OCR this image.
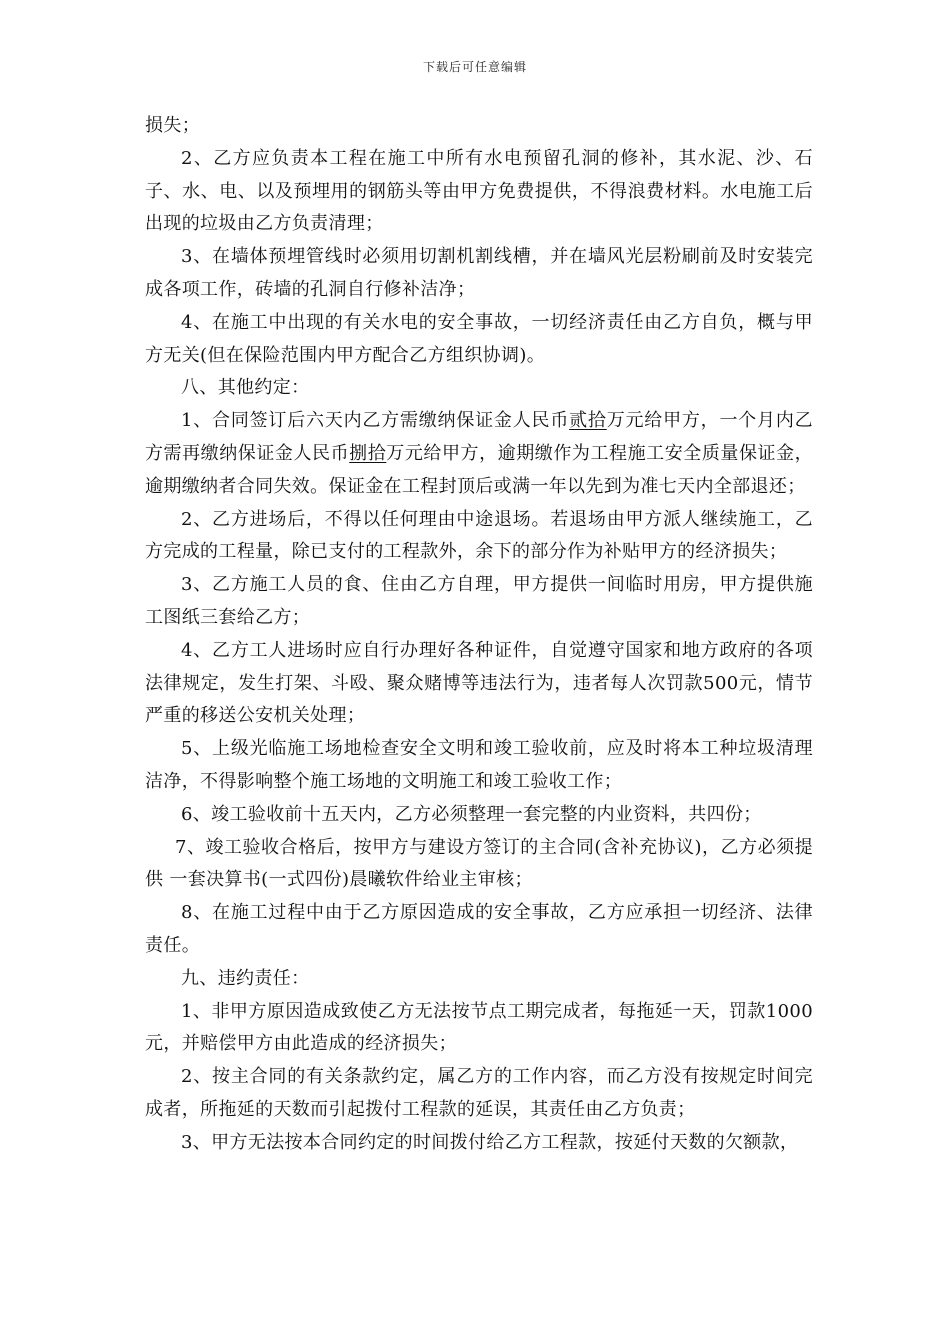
下载后可任意编辑

损失；

2、乙方应负责本工程在施工中所有水电预留孔洞的修补，其水泥、沙、石子、水、电、以及预埋用的钢筋头等由甲方免费提供，不得浪费材料。水电施工后出现的垃圾由乙方负责清理；

3、在墙体预埋管线时必须用切割机割线槽，并在墙风光层粉刷前及时安装完成各项工作，砖墙的孔洞自行修补洁净；

4、在施工中出现的有关水电的安全事故，一切经济责任由乙方自负，概与甲方无关(但在保险范围内甲方配合乙方组织协调)。

八、其他约定：

1、合同签订后六天内乙方需缴纳保证金人民币贰拾万元给甲方，一个月内乙方需再缴纳保证金人民币捌拾万元给甲方，逾期缴作为工程施工安全质量保证金，逾期缴纳者合同失效。保证金在工程封顶后或满一年以先到为准七天内全部退还；

2、乙方进场后，不得以任何理由中途退场。若退场由甲方派人继续施工，乙方完成的工程量，除已支付的工程款外，余下的部分作为补贴甲方的经济损失；

3、乙方施工人员的食、住由乙方自理，甲方提供一间临时用房，甲方提供施工图纸三套给乙方；

4、乙方工人进场时应自行办理好各种证件，自觉遵守国家和地方政府的各项法律规定，发生打架、斗殴、聚众赌博等违法行为，违者每人次罚款500元，情节严重的移送公安机关处理；

5、上级光临施工场地检查安全文明和竣工验收前，应及时将本工种垃圾清理洁净，不得影响整个施工场地的文明施工和竣工验收工作；

6、竣工验收前十五天内，乙方必须整理一套完整的内业资料，共四份；

7、竣工验收合格后，按甲方与建设方签订的主合同(含补充协议)，乙方必须提供 一套决算书(一式四份)晨曦软件给业主审核；

8、在施工过程中由于乙方原因造成的安全事故，乙方应承担一切经济、法律责任。

九、违约责任：

1、非甲方原因造成致使乙方无法按节点工期完成者，每拖延一天，罚款1000元，并赔偿甲方由此造成的经济损失；

2、按主合同的有关条款约定，属乙方的工作内容，而乙方没有按规定时间完成者，所拖延的天数而引起拨付工程款的延误，其责任由乙方负责；

3、甲方无法按本合同约定的时间拨付给乙方工程款，按延付天数的欠额款，
